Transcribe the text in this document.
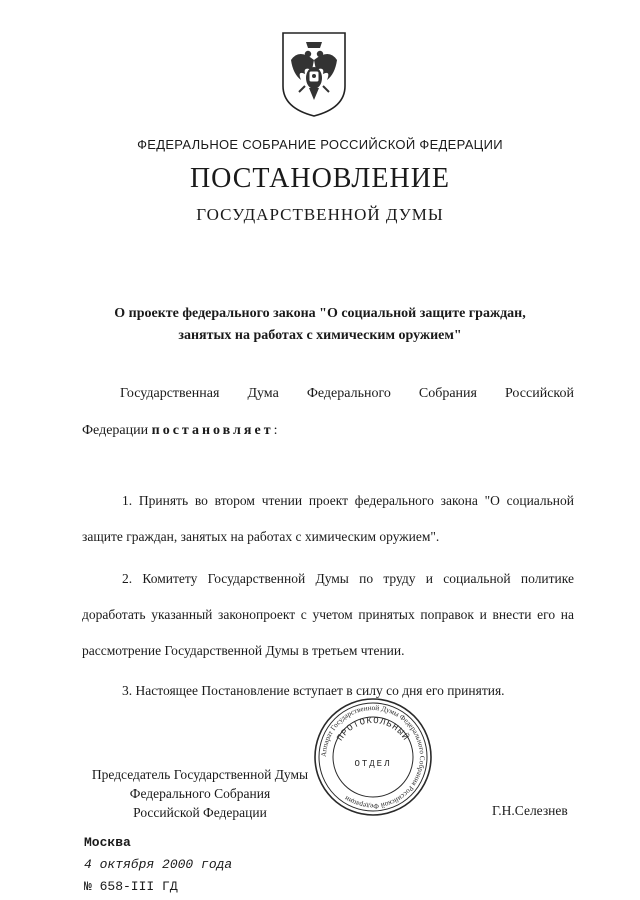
ФЕДЕРАЛЬНОЕ СОБРАНИЕ РОССИЙСКОЙ ФЕДЕРАЦИИ
ПОСТАНОВЛЕНИЕ
ГОСУДАРСТВЕННОЙ ДУМЫ
О проекте федерального закона "О социальной защите граждан,
занятых на работах с химическим оружием"
Государственная Дума Федерального Собрания Российской
Федерации постановляет:
1. Принять во втором чтении проект федерального закона "О социальной защите граждан, занятых на работах с химическим оружием".
2. Комитету Государственной Думы по труду и социальной политике доработать указанный законопроект с учетом принятых поправок и внести его на рассмотрение Государственной Думы в третьем чтении.
3. Настоящее Постановление вступает в силу со дня его принятия.
Аппарат Государственной Думы Федерального Собрания Российской Федерации
ПРОТОКОЛЬНЫЙ
ОТДЕЛ
Председатель Государственной Думы
Федерального Собрания
Российской Федерации	Г.Н.Селезнев
Москва
4 октября 2000 года
№ 658-III ГД
